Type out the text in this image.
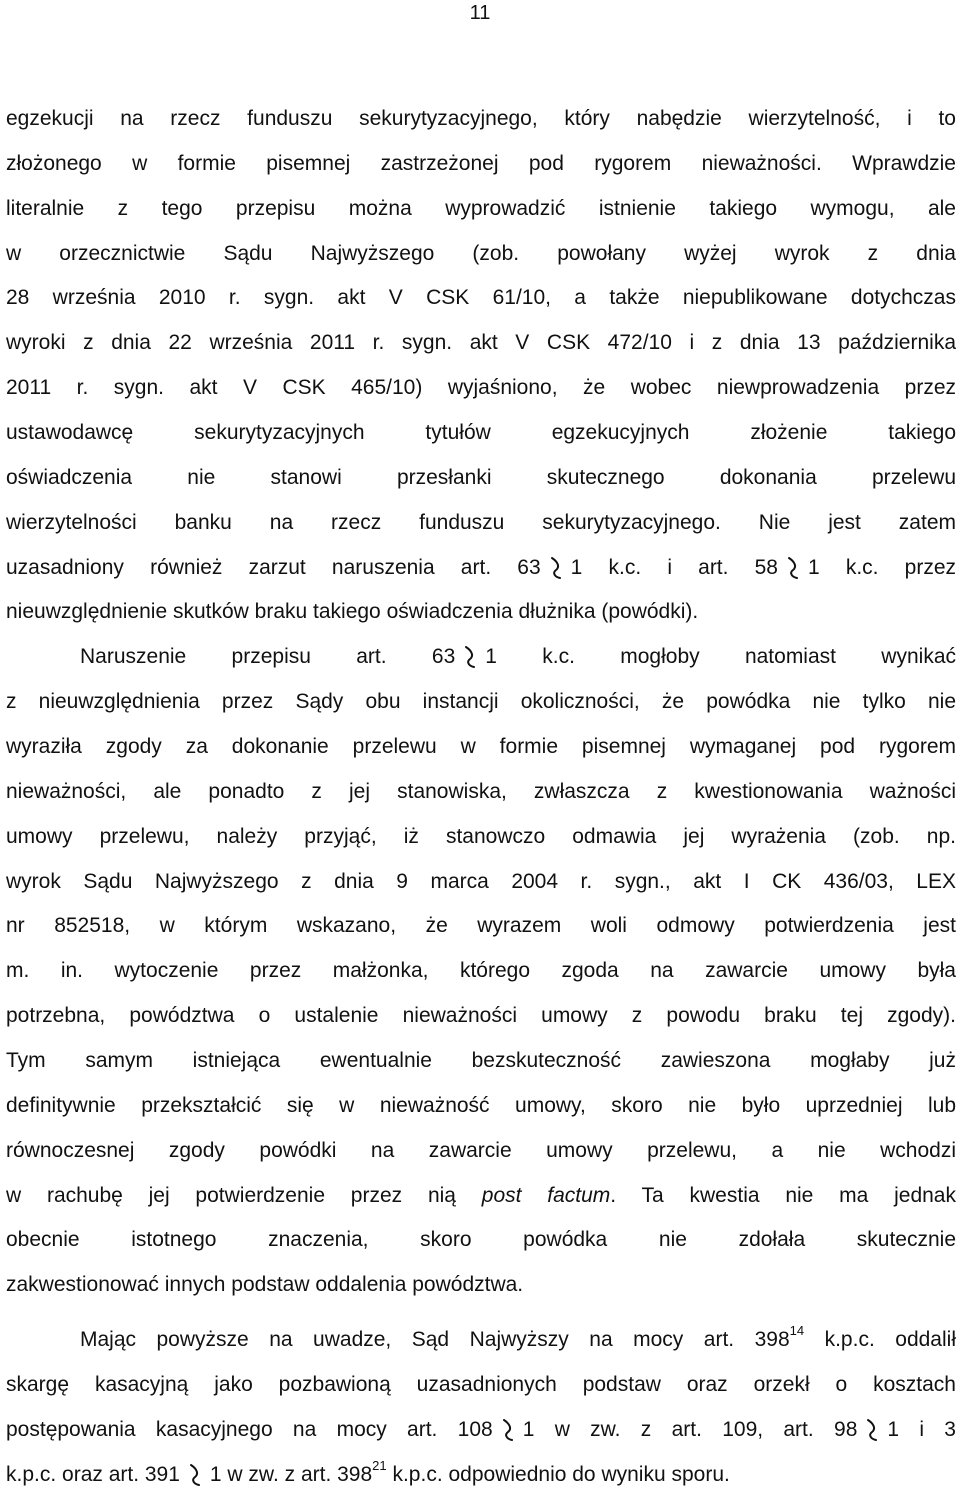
11
egzekucji na rzecz funduszu sekurytyzacyjnego, który nabędzie wierzytelność, i to
złożonego w formie pisemnej zastrzeżonej pod rygorem nieważności. Wprawdzie
literalnie z tego przepisu można wyprowadzić istnienie takiego wymogu, ale
w orzecznictwie Sądu Najwyższego (zob. powołany wyżej wyrok z dnia
28 września 2010 r. sygn. akt V CSK 61/10, a także niepublikowane dotychczas
wyroki z dnia 22 września 2011 r. sygn. akt V CSK 472/10 i z dnia 13 października
2011 r. sygn. akt V CSK 465/10) wyjaśniono, że wobec niewprowadzenia przez
ustawodawcę sekurytyzacyjnych tytułów egzekucyjnych złożenie takiego
oświadczenia nie stanowi przesłanki skutecznego dokonania przelewu
wierzytelności banku na rzecz funduszu sekurytyzacyjnego. Nie jest zatem
uzasadniony również zarzut naruszenia art. 63 1 k.c. i art. 58 1 k.c. przez
nieuwzględnienie skutków braku takiego oświadczenia dłużnika (powódki).
Naruszenie przepisu art. 63 1 k.c. mogłoby natomiast wynikać
z nieuwzględnienia przez Sądy obu instancji okoliczności, że powódka nie tylko nie
wyraziła zgody za dokonanie przelewu w formie pisemnej wymaganej pod rygorem
nieważności, ale ponadto z jej stanowiska, zwłaszcza z kwestionowania ważności
umowy przelewu, należy przyjąć, iż stanowczo odmawia jej wyrażenia (zob. np.
wyrok Sądu Najwyższego z dnia 9 marca 2004 r. sygn., akt I CK 436/03, LEX
nr 852518, w którym wskazano, że wyrazem woli odmowy potwierdzenia jest
m. in. wytoczenie przez małżonka, którego zgoda na zawarcie umowy była
potrzebna, powództwa o ustalenie nieważności umowy z powodu braku tej zgody).
Tym samym istniejąca ewentualnie bezskuteczność zawieszona mogłaby już
definitywnie przekształcić się w nieważność umowy, skoro nie było uprzedniej lub
równoczesnej zgody powódki na zawarcie umowy przelewu, a nie wchodzi
w rachubę jej potwierdzenie przez nią post factum. Ta kwestia nie ma jednak
obecnie istotnego znaczenia, skoro powódka nie zdołała skutecznie
zakwestionować innych podstaw oddalenia powództwa.
Mając powyższe na uwadze, Sąd Najwyższy na mocy art. $398^{14}$ k.p.c. oddalił
skargę kasacyjną jako pozbawioną uzasadnionych podstaw oraz orzekł o kosztach
postępowania kasacyjnego na mocy art. 108 1 w zw. z art. 109, art. 98 1 i 3
k.p.c. oraz art. 391 1 w zw. z art. $398^{21}$ k.p.c. odpowiednio do wyniku sporu.
